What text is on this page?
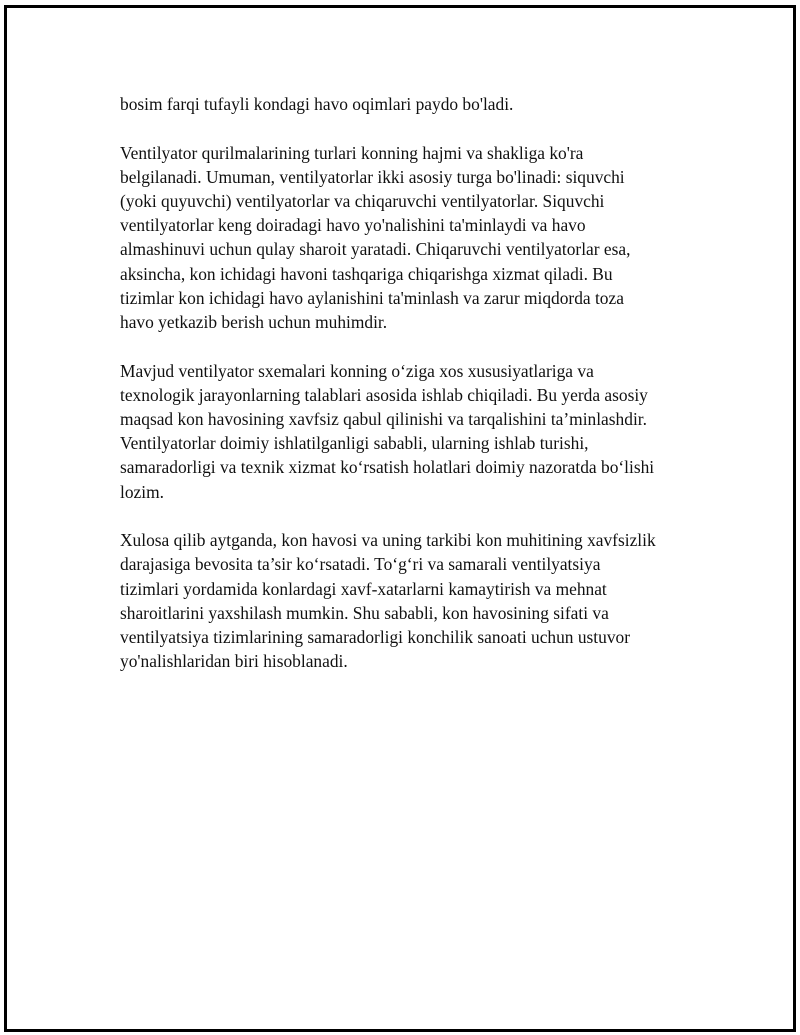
bosim farqi tufayli kondagi havo oqimlari paydo bo'ladi.

Ventilyator qurilmalarining turlari konning hajmi va shakliga ko'ra
belgilanadi. Umuman, ventilyatorlar ikki asosiy turga bo'linadi: siquvchi
(yoki quyuvchi) ventilyatorlar va chiqaruvchi ventilyatorlar. Siquvchi
ventilyatorlar keng doiradagi havo yo'nalishini ta'minlaydi va havo
almashinuvi uchun qulay sharoit yaratadi. Chiqaruvchi ventilyatorlar esa,
aksincha, kon ichidagi havoni tashqariga chiqarishga xizmat qiladi. Bu
tizimlar kon ichidagi havo aylanishini ta'minlash va zarur miqdorda toza
havo yetkazib berish uchun muhimdir.

Mavjud ventilyator sxemalari konning o‘ziga xos xususiyatlariga va
texnologik jarayonlarning talablari asosida ishlab chiqiladi. Bu yerda asosiy
maqsad kon havosining xavfsiz qabul qilinishi va tarqalishini ta’minlashdir.
Ventilyatorlar doimiy ishlatilganligi sababli, ularning ishlab turishi,
samaradorligi va texnik xizmat ko‘rsatish holatlari doimiy nazoratda bo‘lishi
lozim.

Xulosa qilib aytganda, kon havosi va uning tarkibi kon muhitining xavfsizlik
darajasiga bevosita ta’sir ko‘rsatadi. To‘g‘ri va samarali ventilyatsiya
tizimlari yordamida konlardagi xavf-xatarlarni kamaytirish va mehnat
sharoitlarini yaxshilash mumkin. Shu sababli, kon havosining sifati va
ventilyatsiya tizimlarining samaradorligi konchilik sanoati uchun ustuvor
yo'nalishlaridan biri hisoblanadi.
